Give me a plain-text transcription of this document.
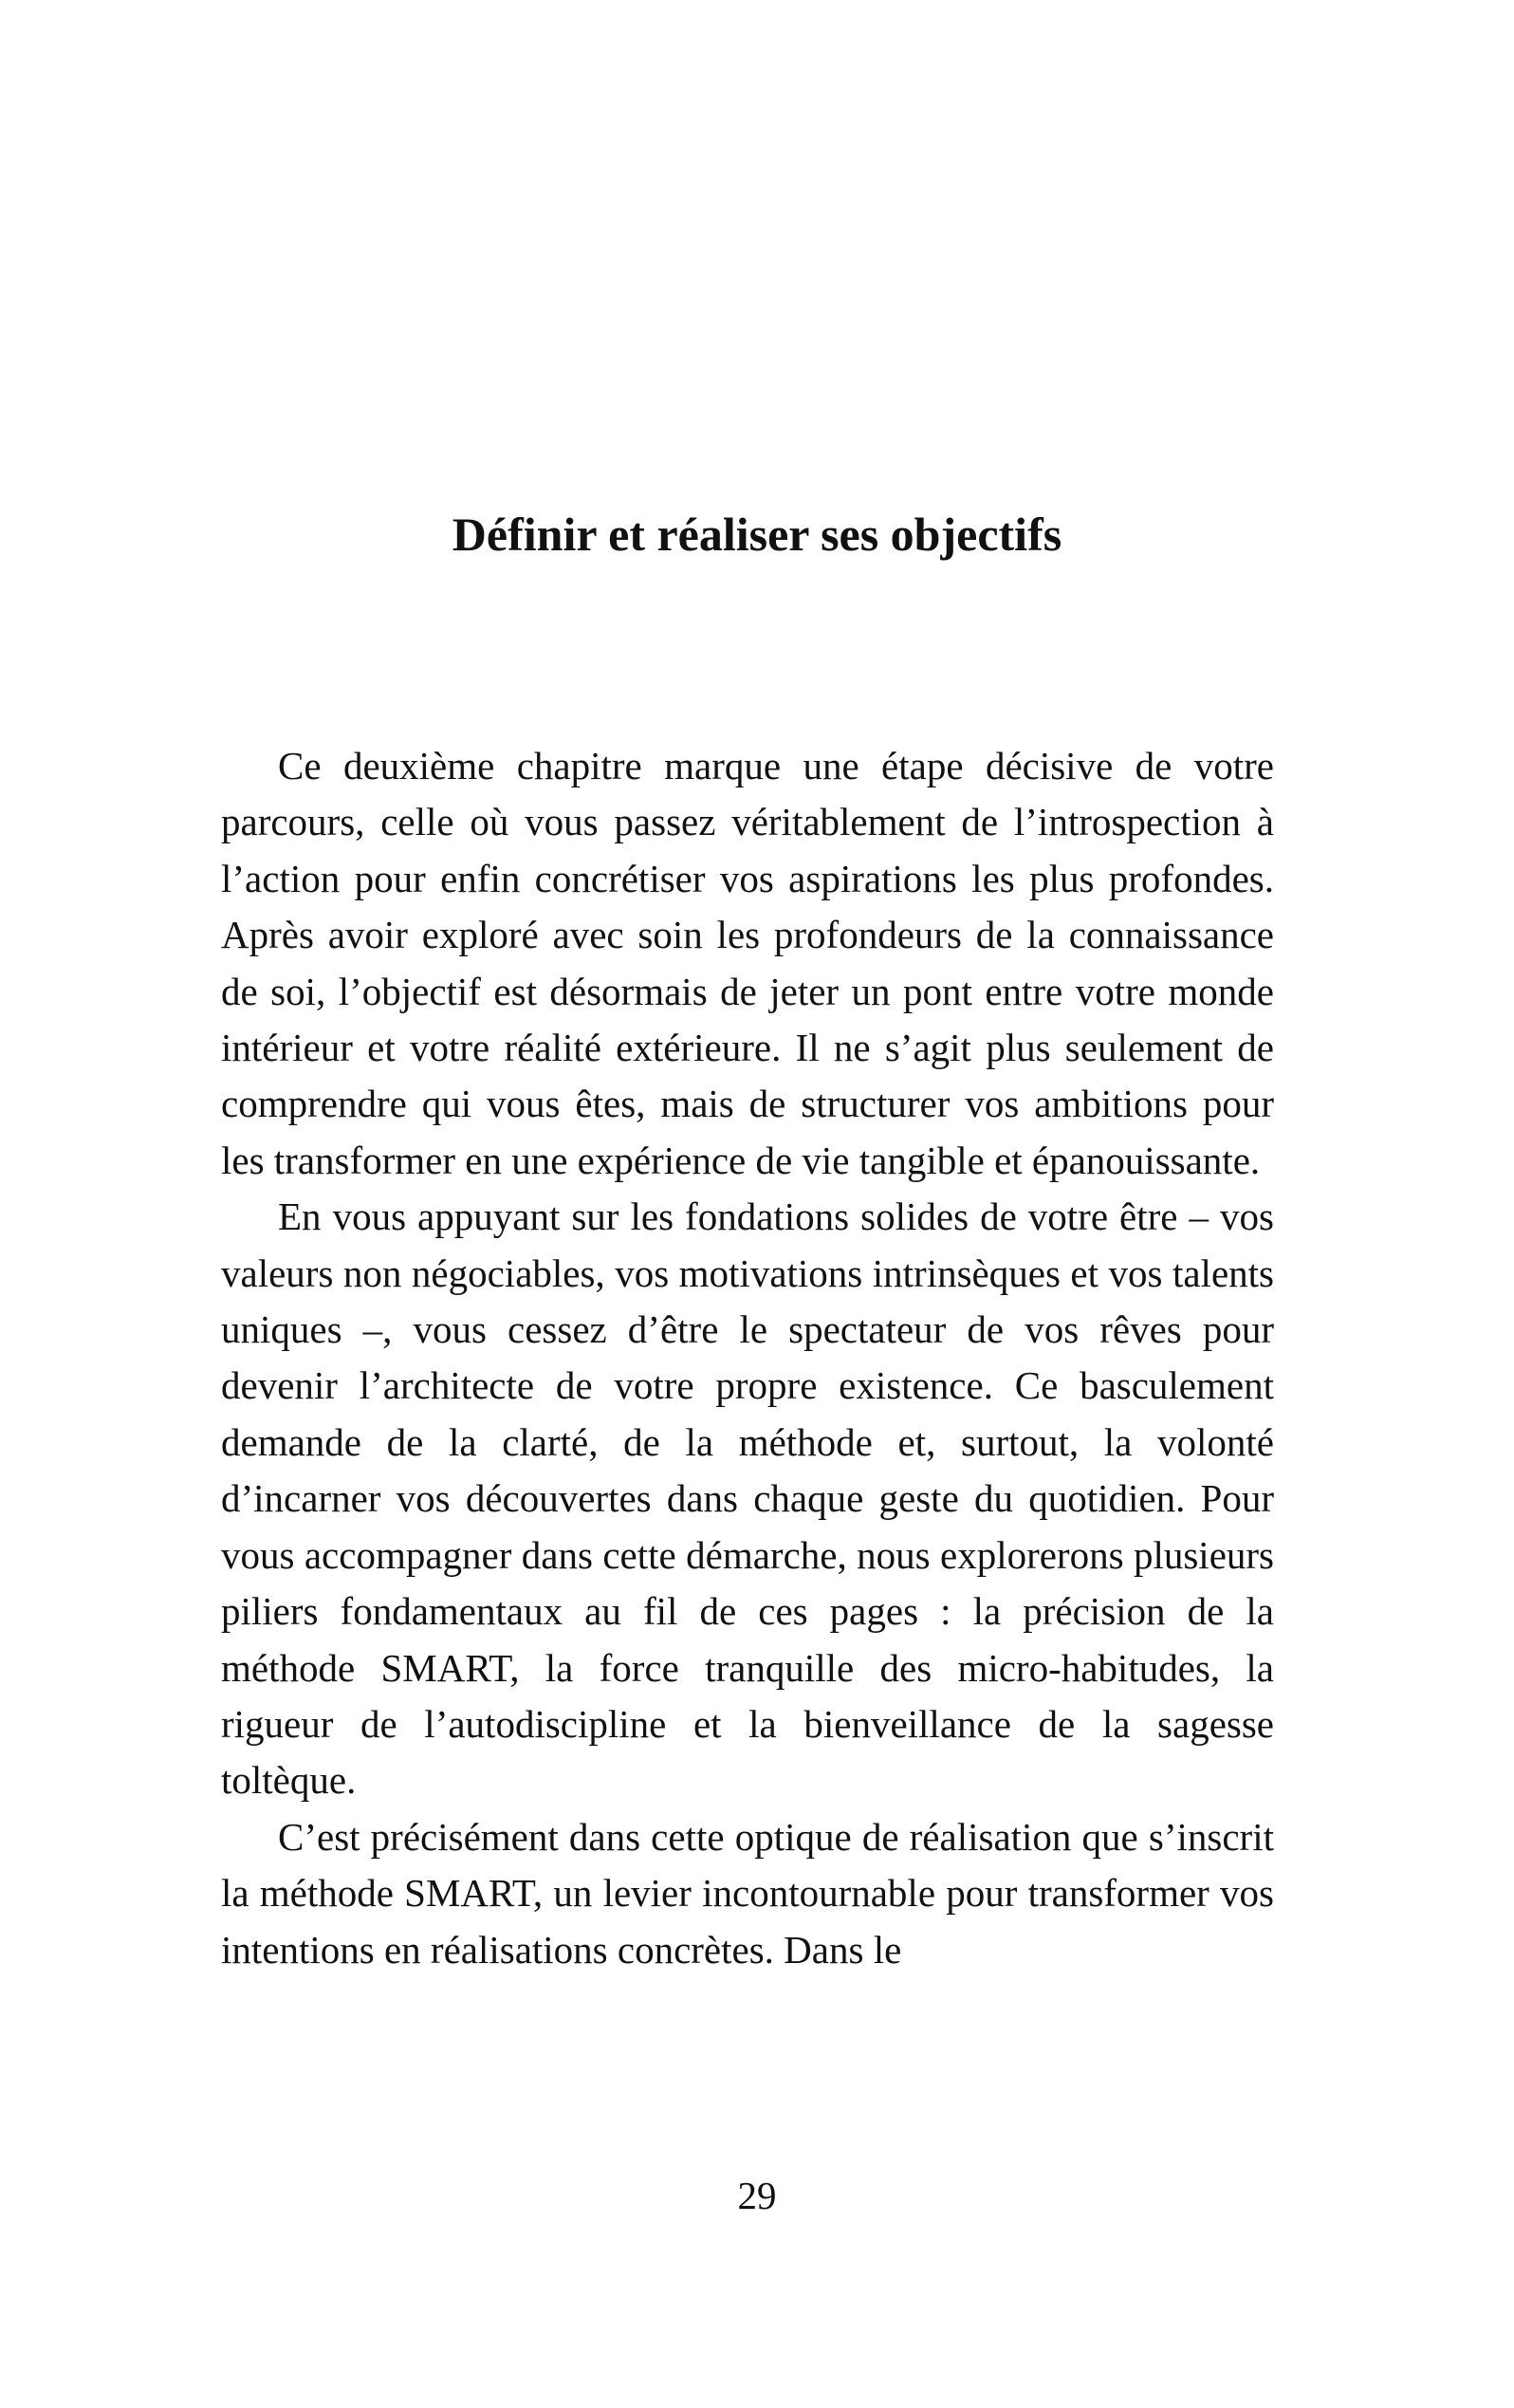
Définir et réaliser ses objectifs

Ce deuxième chapitre marque une étape décisive de votre parcours, celle où vous passez véritablement de l’introspection à l’action pour enfin concrétiser vos aspirations les plus profondes. Après avoir exploré avec soin les profondeurs de la connaissance de soi, l’objectif est désormais de jeter un pont entre votre monde intérieur et votre réalité extérieure. Il ne s’agit plus seulement de comprendre qui vous êtes, mais de structurer vos ambitions pour les transformer en une expérience de vie tangible et épanouissante.

En vous appuyant sur les fondations solides de votre être – vos valeurs non négociables, vos motivations intrinsèques et vos talents uniques –, vous cessez d’être le spectateur de vos rêves pour devenir l’architecte de votre propre existence. Ce basculement demande de la clarté, de la méthode et, surtout, la volonté d’incarner vos découvertes dans chaque geste du quotidien. Pour vous accompagner dans cette démarche, nous explorerons plusieurs piliers fondamentaux au fil de ces pages : la précision de la méthode SMART, la force tranquille des micro-habitudes, la rigueur de l’autodiscipline et la bienveillance de la sagesse toltèque.

C’est précisément dans cette optique de réalisation que s’inscrit la méthode SMART, un levier incontournable pour transformer vos intentions en réalisations concrètes. Dans le

29
